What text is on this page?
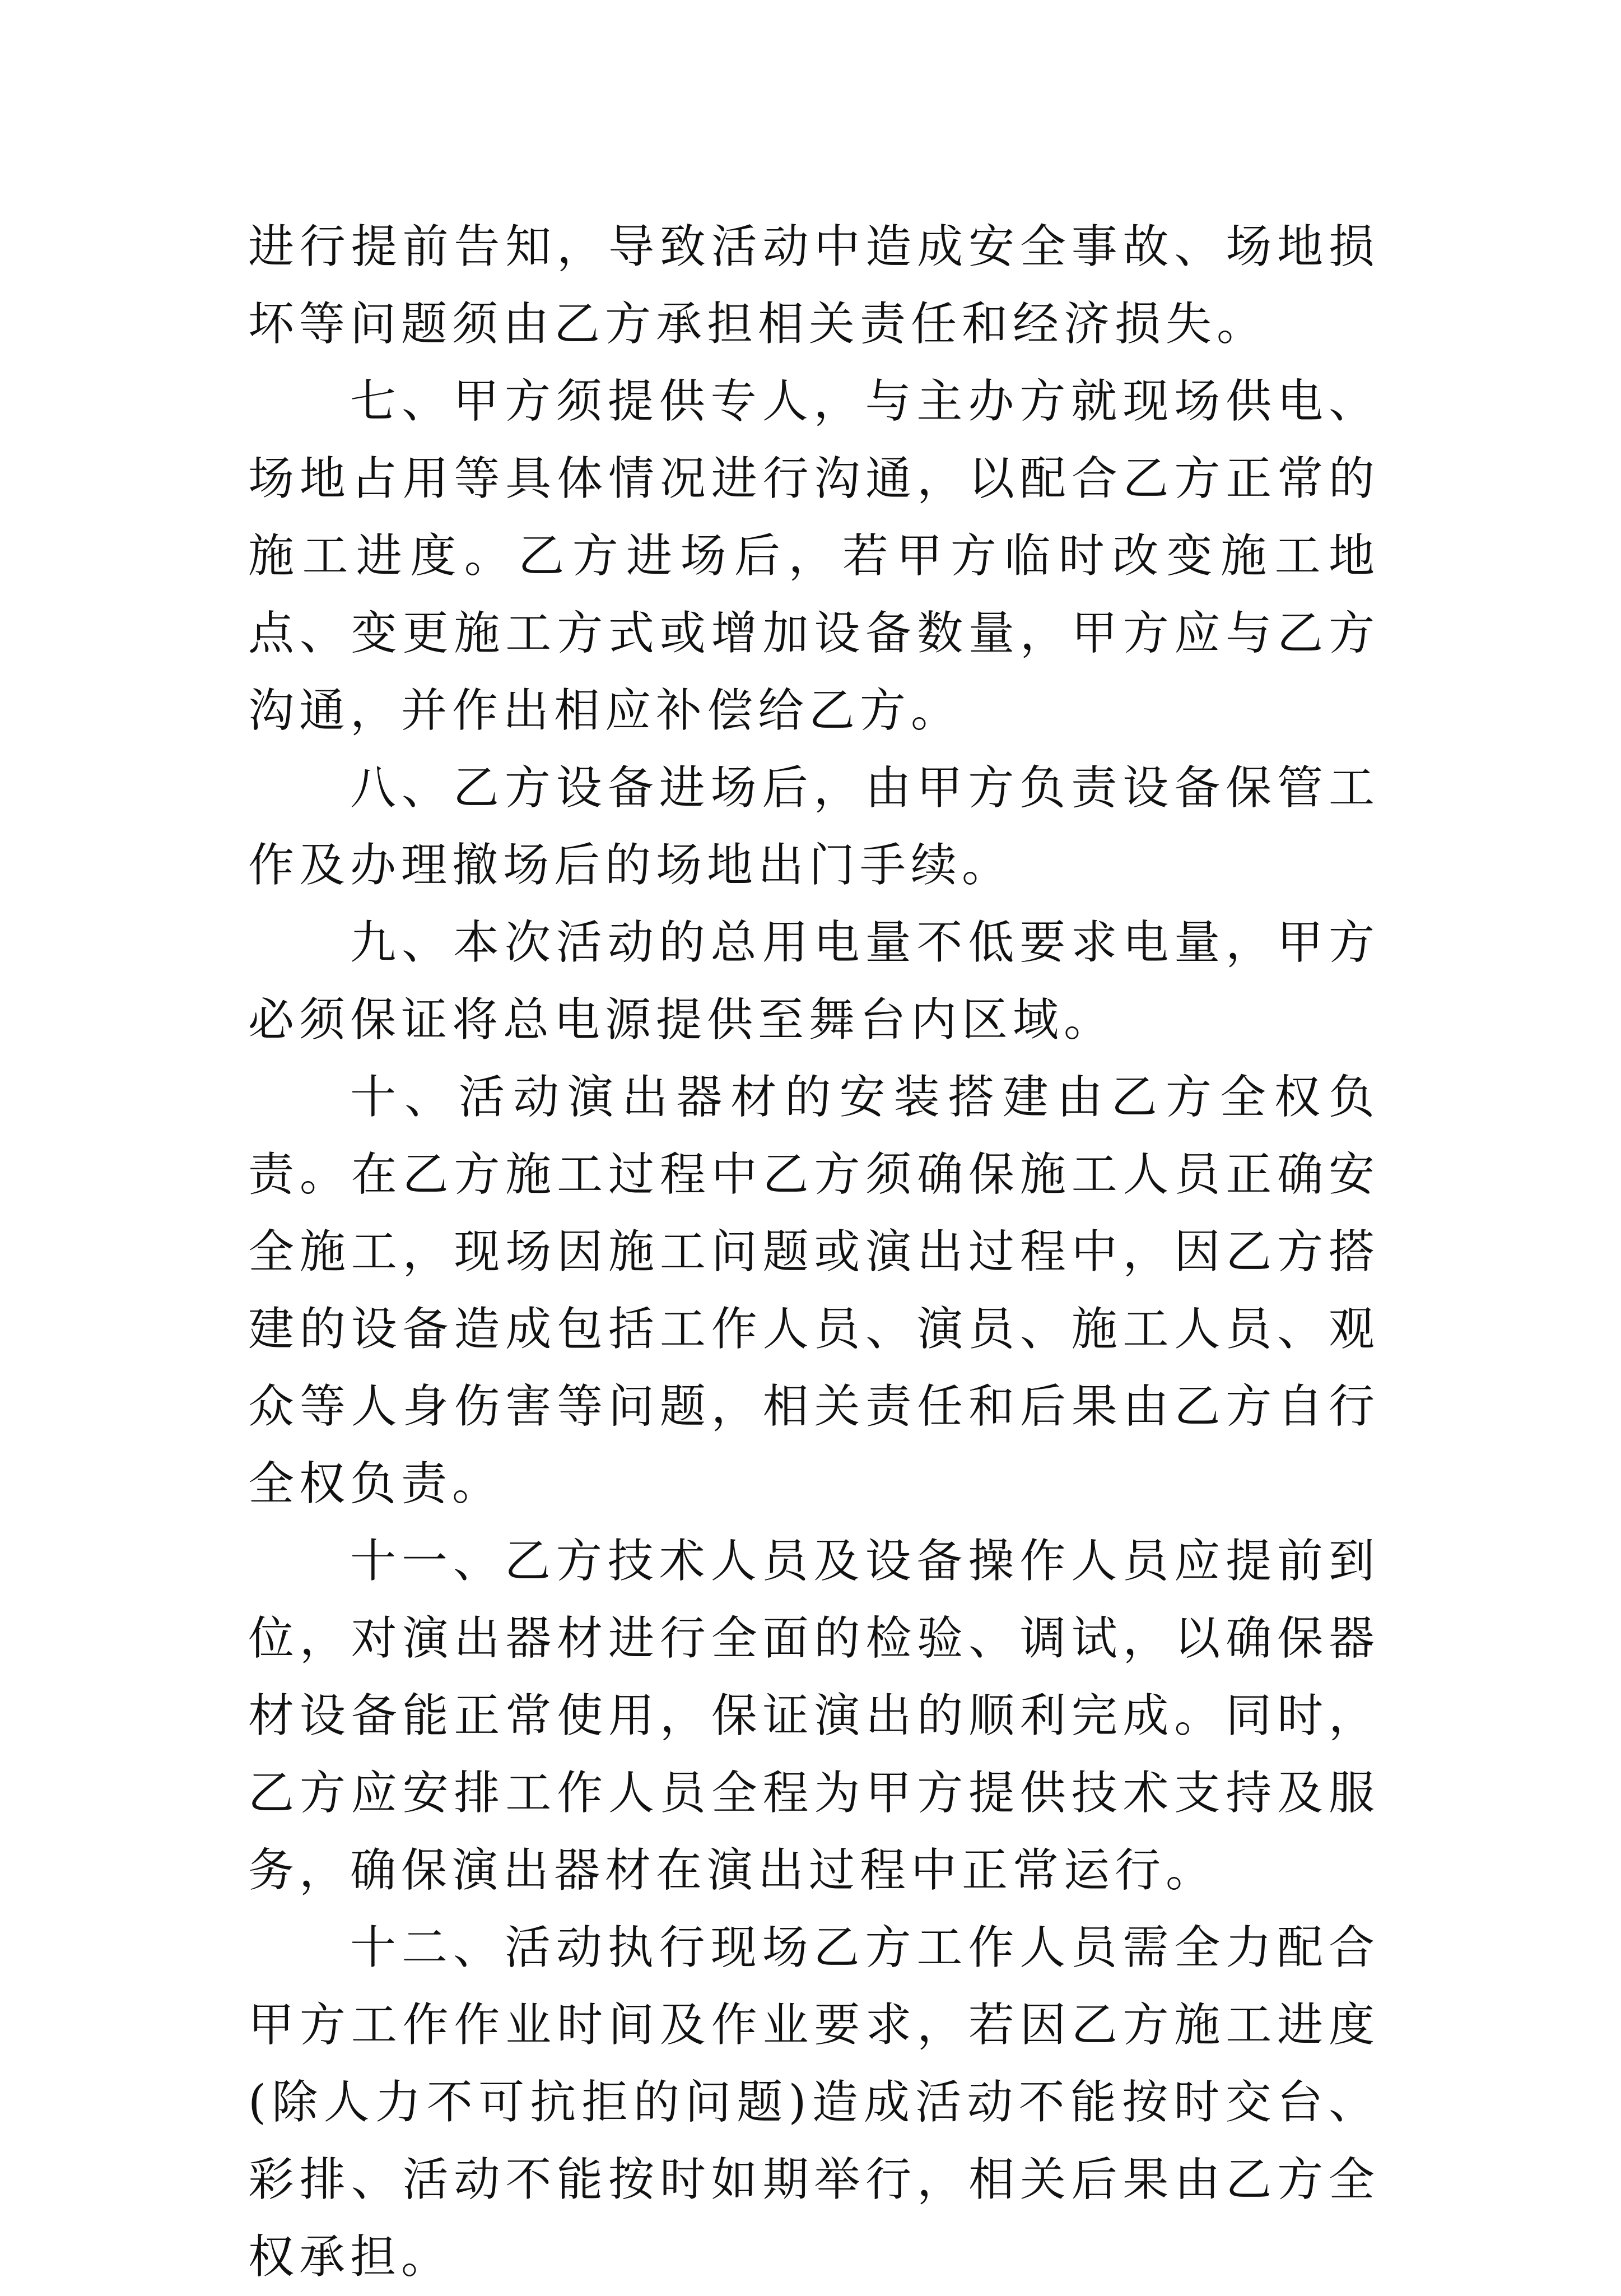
进行提前告知，导致活动中造成安全事故、场地损坏等问题须由乙方承担相关责任和经济损失。

七、甲方须提供专人，与主办方就现场供电、场地占用等具体情况进行沟通，以配合乙方正常的施工进度。乙方进场后，若甲方临时改变施工地点、变更施工方式或增加设备数量，甲方应与乙方沟通，并作出相应补偿给乙方。

八、乙方设备进场后，由甲方负责设备保管工作及办理撤场后的场地出门手续。

九、本次活动的总用电量不低要求电量，甲方必须保证将总电源提供至舞台内区域。

十、活动演出器材的安装搭建由乙方全权负责。在乙方施工过程中乙方须确保施工人员正确安全施工，现场因施工问题或演出过程中，因乙方搭建的设备造成包括工作人员、演员、施工人员、观众等人身伤害等问题，相关责任和后果由乙方自行全权负责。

十一、乙方技术人员及设备操作人员应提前到位，对演出器材进行全面的检验、调试，以确保器材设备能正常使用，保证演出的顺利完成。同时，乙方应安排工作人员全程为甲方提供技术支持及服务，确保演出器材在演出过程中正常运行。

十二、活动执行现场乙方工作人员需全力配合甲方工作作业时间及作业要求，若因乙方施工进度(除人力不可抗拒的问题)造成活动不能按时交台、彩排、活动不能按时如期举行，相关后果由乙方全权承担。
